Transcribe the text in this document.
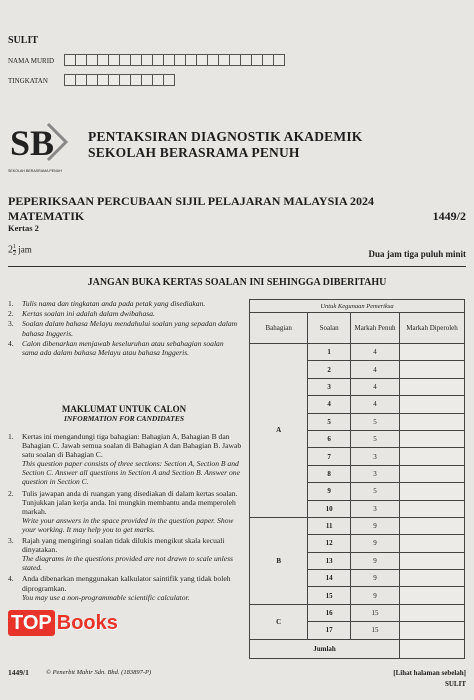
SULIT
NAMA MURID
TINGKATAN
SB
SEKOLAH BERASRAMA PENUH
PENTAKSIRAN DIAGNOSTIK AKADEMIK
SEKOLAH BERASRAMA PENUH
PEPERIKSAAN PERCUBAAN SIJIL PELAJARAN MALAYSIA 2024
MATEMATIK	1449/2
Kertas 2
$2 \frac{1}{2}$ jam	Dua jam tiga puluh minit
JANGAN BUKA KERTAS SOALAN INI SEHINGGA DIBERITAHU
1.	Tulis nama dan tingkatan anda pada petak yang disediakan.
2.	Kertas soalan ini adalah dalam dwibahasa.
3.	Soalan dalam bahasa Melayu mendahului soalan yang sepadan dalam bahasa Inggeris.
4.	Calon dibenarkan menjawab keseluruhan atau sebahagian soalan sama ada dalam bahasa Melayu atau bahasa Inggeris.
MAKLUMAT UNTUK CALON
INFORMATION FOR CANDIDATES
1.	Kertas ini mengandungi tiga bahagian: Bahagian A, Bahagian B dan Bahagian C. Jawab semua soalan di Bahagian A dan Bahagian B. Jawab satu soalan di Bahagian C.
This question paper consists of three sections: Section A, Section B and Section C. Answer all questions in Section A and Section B. Answer one question in Section C.
2.	Tulis jawapan anda di ruangan yang disediakan di dalam kertas soalan. Tunjukkan jalan kerja anda. Ini mungkin membantu anda memperoleh markah.
Write your answers in the space provided in the question paper. Show your working. It may help you to get marks.
3.	Rajah yang mengiringi soalan tidak dilukis mengikut skala kecuali dinyatakan.
The diagrams in the questions provided are not drawn to scale unless stated.
4.	Anda dibenarkan menggunakan kalkulator saintifik yang tidak boleh diprogramkan.
You may use a non-programmable scientific calculator.
Untuk Kegunaan Pemeriksa			
Bahagian	Soalan	Markah Penuh	Markah Diperoleh
A	1	4	
	2	4	
	3	4	
	4	4	
	5	5	
	6	5	
	7	3	
	8	3	
	9	5	
	10	3	
B	11	9	
	12	9	
	13	9	
	14	9	
	15	9	
C	16	15	
	17	15	
Jumlah			
TOP Books
1449/1	© Penerbit Mahir Sdn. Bhd. (183897-P)	[Lihat halaman sebelah]
SULIT
